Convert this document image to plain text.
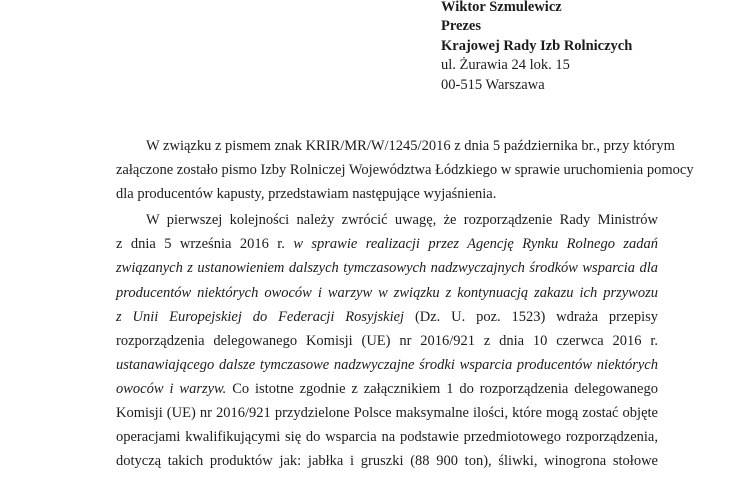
Wiktor Szmulewicz
Prezes
Krajowej Rady Izb Rolniczych
ul. Żurawia 24 lok. 15
00-515 Warszawa

W związku z pismem znak KRIR/MR/W/1245/2016 z dnia 5 października br., przy którym
załączone zostało pismo Izby Rolniczej Województwa Łódzkiego w sprawie uruchomienia pomocy
dla producentów kapusty, przedstawiam następujące wyjaśnienia.

W pierwszej kolejności należy zwrócić uwagę, że rozporządzenie Rady Ministrów
z dnia 5 września 2016 r. w sprawie realizacji przez Agencję Rynku Rolnego zadań
związanych z ustanowieniem dalszych tymczasowych nadzwyczajnych środków wsparcia dla
producentów niektórych owoców i warzyw w związku z kontynuacją zakazu ich przywozu
z Unii Europejskiej do Federacji Rosyjskiej (Dz. U. poz. 1523) wdraża przepisy
rozporządzenia delegowanego Komisji (UE) nr 2016/921 z dnia 10 czerwca 2016 r.
ustanawiającego dalsze tymczasowe nadzwyczajne środki wsparcia producentów niektórych
owoców i warzyw. Co istotne zgodnie z załącznikiem 1 do rozporządzenia delegowanego
Komisji (UE) nr 2016/921 przydzielone Polsce maksymalne ilości, które mogą zostać objęte
operacjami kwalifikującymi się do wsparcia na podstawie przedmiotowego rozporządzenia,
dotyczą takich produktów jak: jabłka i gruszki (88 900 ton), śliwki, winogrona stołowe
